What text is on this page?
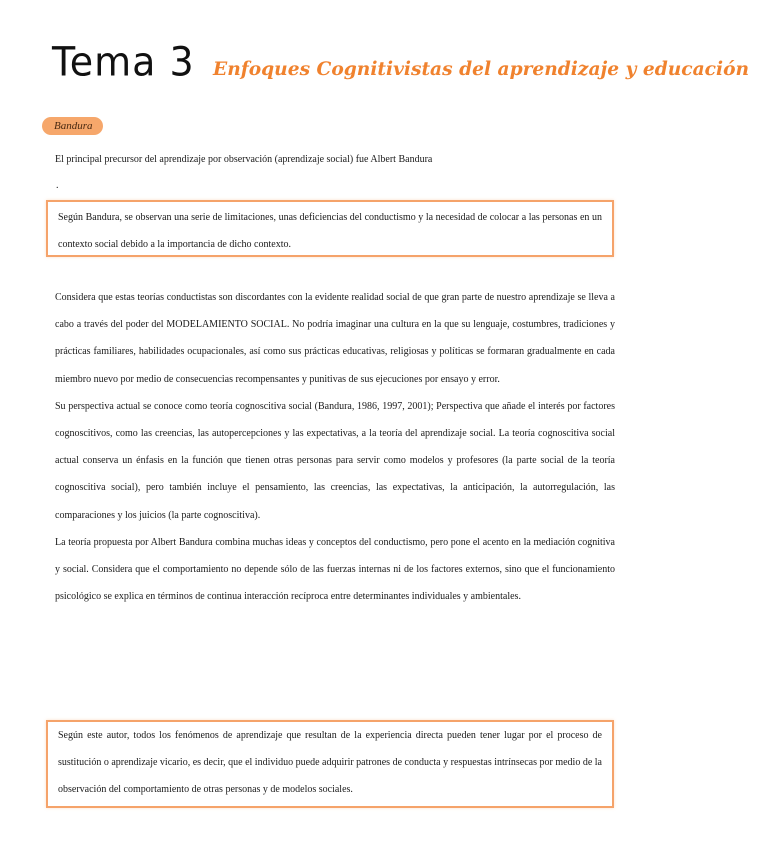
Tema 3 Enfoques Cognitivistas del aprendizaje y educación
Bandura

El principal precursor del aprendizaje por observación (aprendizaje social) fue Albert Bandura

.

Según Bandura, se observan una serie de limitaciones, unas deficiencias del conductismo y la necesidad de colocar a las personas en un contexto social debido a la importancia de dicho contexto.

Considera que estas teorías conductistas son discordantes con la evidente realidad social de que gran parte de nuestro aprendizaje se lleva a cabo a través del poder del MODELAMIENTO SOCIAL. No podría imaginar una cultura en la que su lenguaje, costumbres, tradiciones y prácticas familiares, habilidades ocupacionales, así como sus prácticas educativas, religiosas y políticas se formaran gradualmente en cada miembro nuevo por medio de consecuencias recompensantes y punitivas de sus ejecuciones por ensayo y error.

Su perspectiva actual se conoce como teoría cognoscitiva social (Bandura, 1986, 1997, 2001); Perspectiva que añade el interés por factores cognoscitivos, como las creencias, las autopercepciones y las expectativas, a la teoría del aprendizaje social. La teoría cognoscitiva social actual conserva un énfasis en la función que tienen otras personas para servir como modelos y profesores (la parte social de la teoría cognoscitiva social), pero también incluye el pensamiento, las creencias, las expectativas, la anticipación, la autorregulación, las comparaciones y los juicios (la parte cognoscitiva).

La teoría propuesta por Albert Bandura combina muchas ideas y conceptos del conductismo, pero pone el acento en la mediación cognitiva y social. Considera que el comportamiento no depende sólo de las fuerzas internas ni de los factores externos, sino que el funcionamiento psicológico se explica en términos de continua interacción recíproca entre determinantes individuales y ambientales.

Según este autor, todos los fenómenos de aprendizaje que resultan de la experiencia directa pueden tener lugar por el proceso de sustitución o aprendizaje vicario, es decir, que el individuo puede adquirir patrones de conducta y respuestas intrínsecas por medio de la observación del comportamiento de otras personas y de modelos sociales.
